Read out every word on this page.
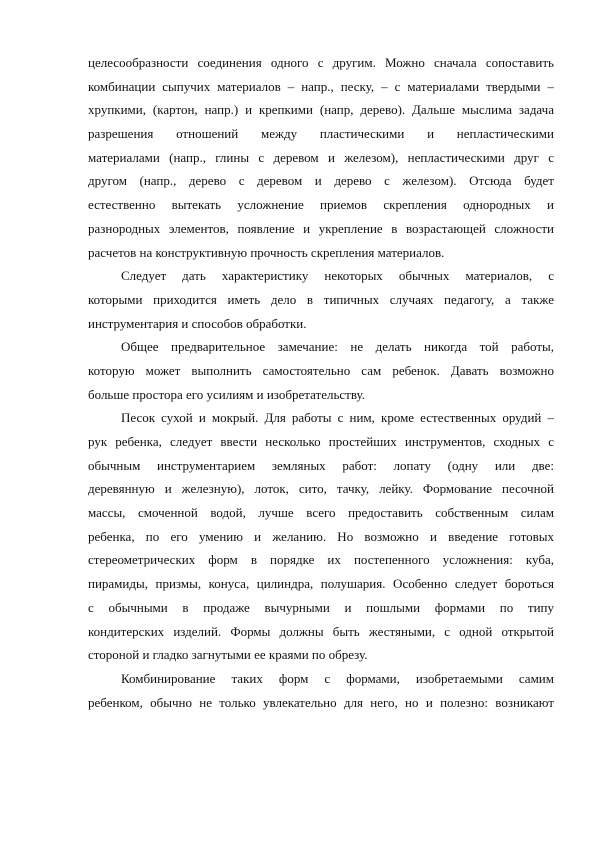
целесообразности соединения одного с другим. Можно сначала сопоставить
комбинации сыпучих материалов – напр., песку, – с материалами твердыми –
хрупкими, (картон, напр.) и крепкими (напр, дерево). Дальше мыслима задача
разрешения отношений между пластическими и непластическими
материалами (напр., глины с деревом и железом), непластическими друг с
другом (напр., дерево с деревом и дерево с железом). Отсюда будет
естественно вытекать усложнение приемов скрепления однородных и
разнородных элементов, появление и укрепление в возрастающей сложности
расчетов на конструктивную прочность скрепления материалов.
Следует дать характеристику некоторых обычных материалов, с
которыми приходится иметь дело в типичных случаях педагогу, а также
инструментария и способов обработки.
Общее предварительное замечание: не делать никогда той работы,
которую может выполнить самостоятельно сам ребенок. Давать возможно
больше простора его усилиям и изобретательству.
Песок сухой и мокрый. Для работы с ним, кроме естественных орудий –
рук ребенка, следует ввести несколько простейших инструментов, сходных с
обычным инструментарием земляных работ: лопату (одну или две:
деревянную и железную), лоток, сито, тачку, лейку. Формование песочной
массы, смоченной водой, лучше всего предоставить собственным силам
ребенка, по его умению и желанию. Но возможно и введение готовых
стереометрических форм в порядке их постепенного усложнения: куба,
пирамиды, призмы, конуса, цилиндра, полушария. Особенно следует бороться
с обычными в продаже вычурными и пошлыми формами по типу
кондитерских изделий. Формы должны быть жестяными, с одной открытой
стороной и гладко загнутыми ее краями по обрезу.
Комбинирование таких форм с формами, изобретаемыми самим
ребенком, обычно не только увлекательно для него, но и полезно: возникают
